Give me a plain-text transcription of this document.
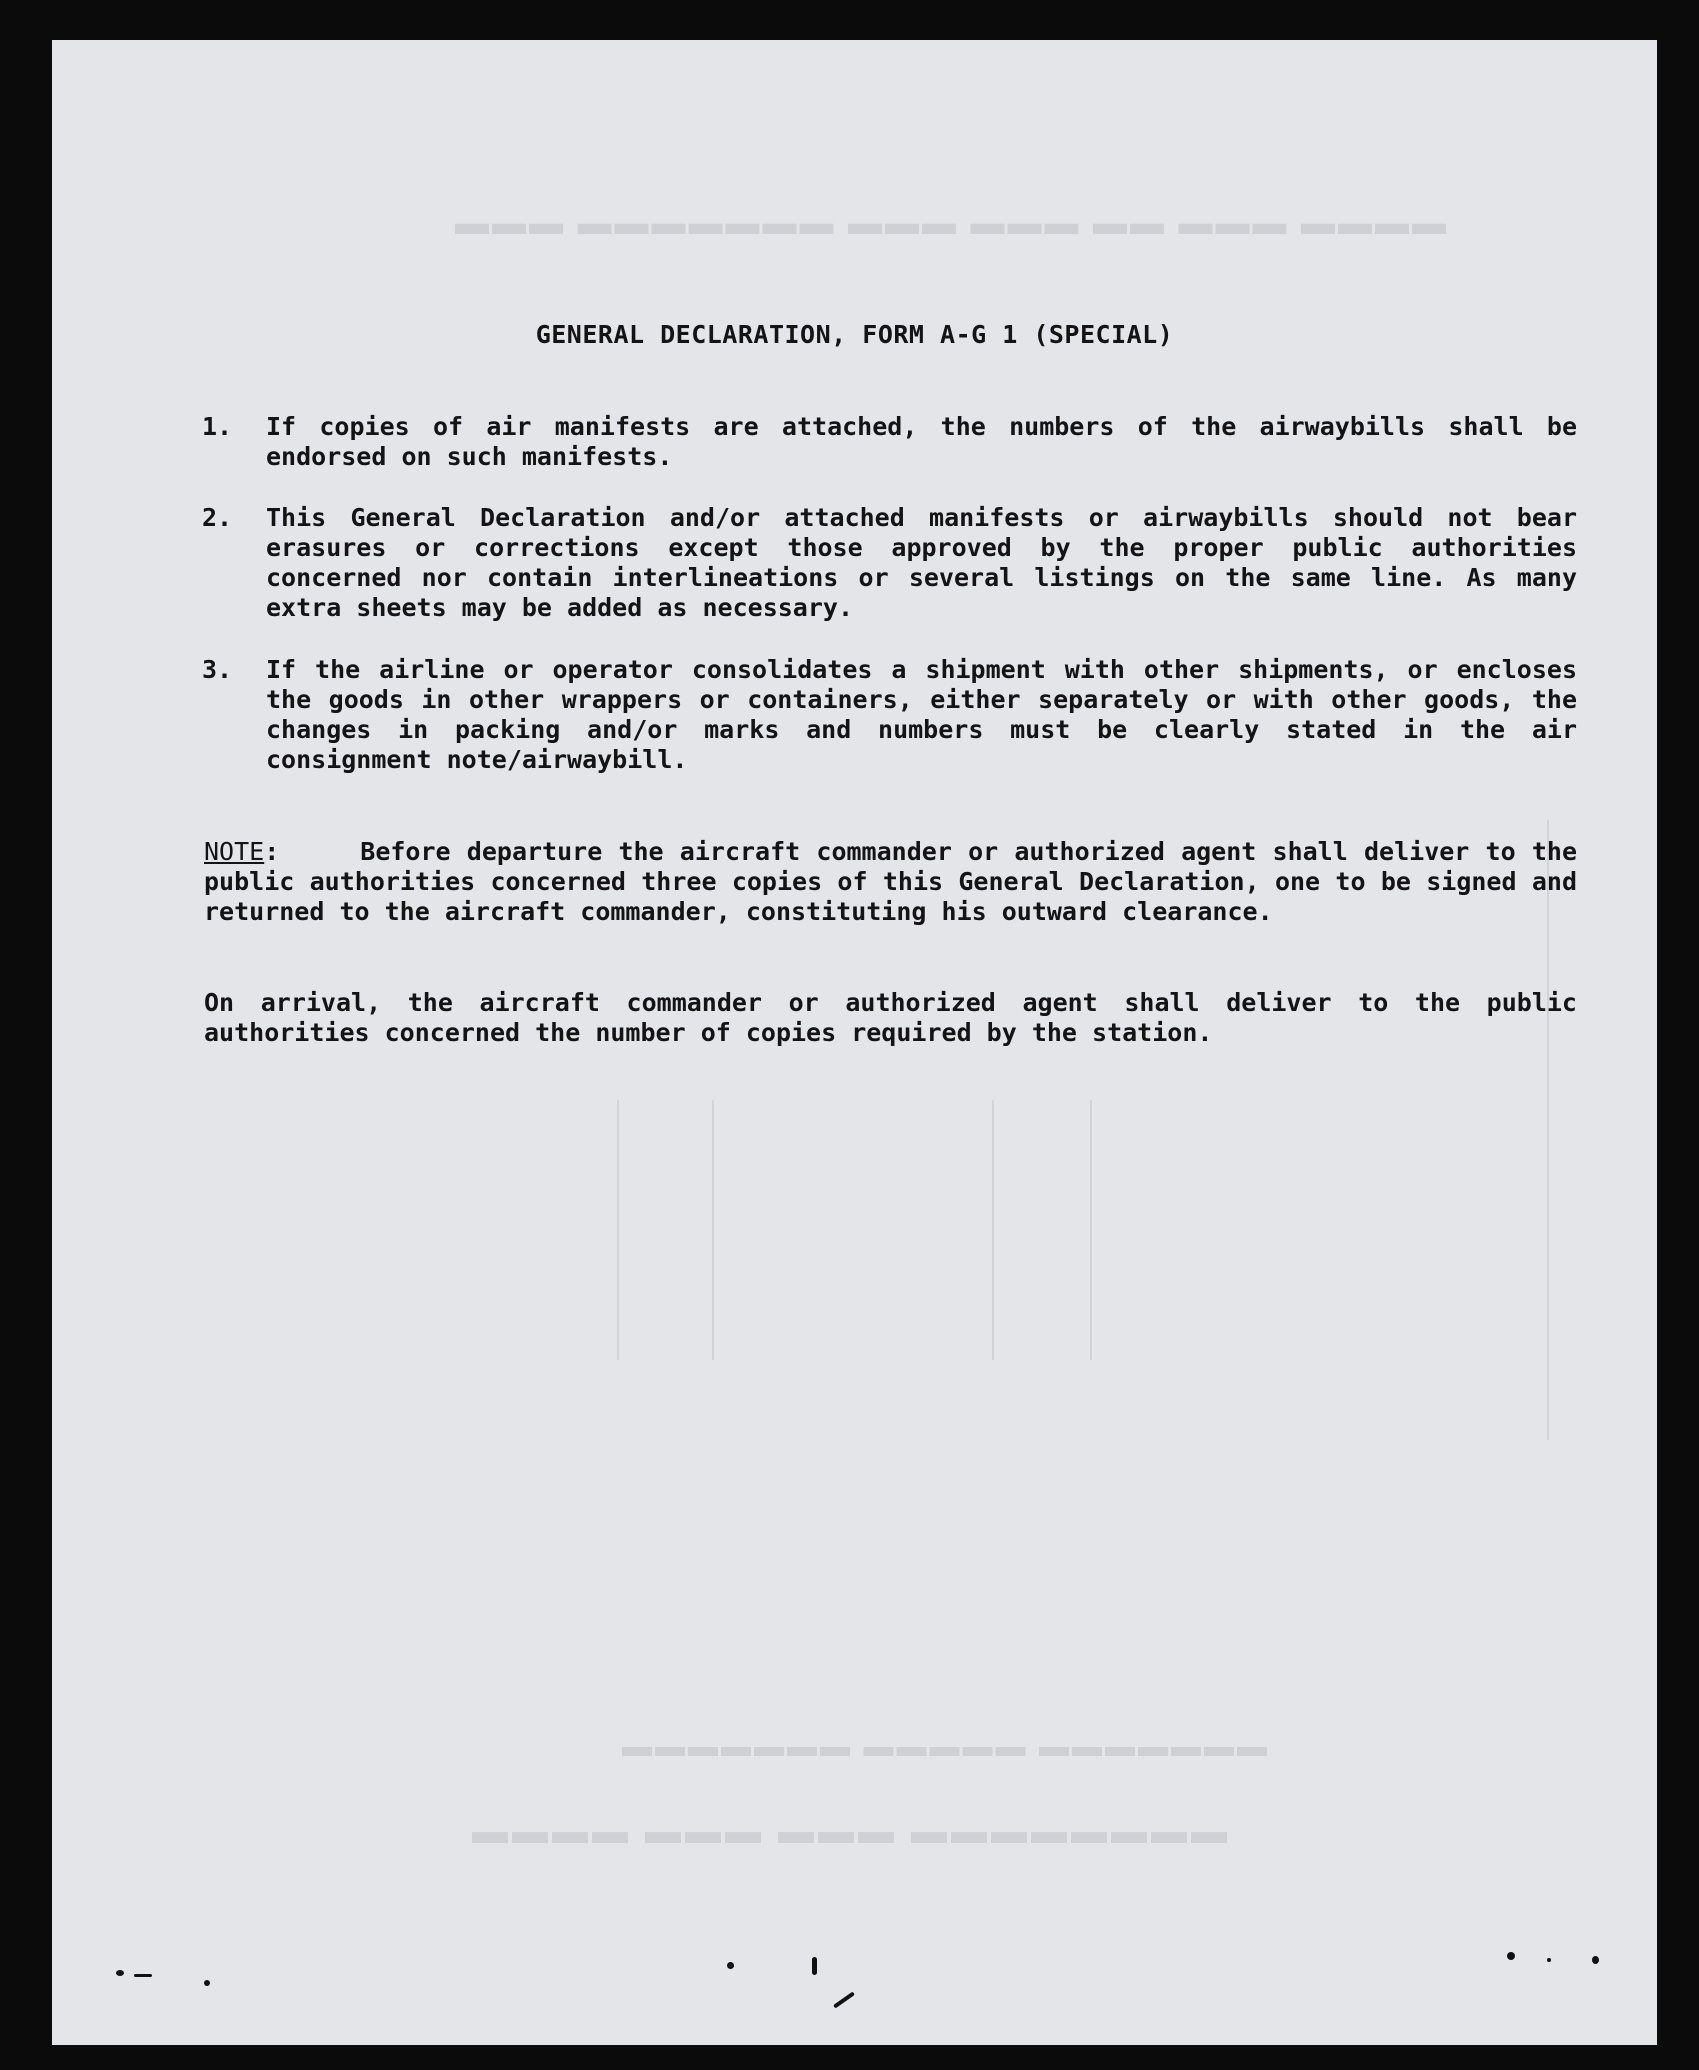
▬▬▬▬ ▬▬▬ ▬▬ ▬▬▬ ▬▬▬ ▬▬▬▬▬▬▬ ▬▬▬
▬▬▬▬▬▬▬ ▬▬▬▬▬ ▬▬▬▬▬▬▬
▬▬▬▬ ▬▬▬ ▬▬▬ ▬▬▬▬▬▬▬▬
GENERAL DECLARATION, FORM A-G 1 (SPECIAL)
1.	If copies of air manifests are attached, the numbers of the airwaybills shall be endorsed on such manifests.
2.	This General Declaration and/or attached manifests or airwaybills should not bear erasures or corrections except those approved by the proper public authorities concerned nor contain interlineations or several listings on the same line. As many extra sheets may be added as necessary.
3.	If the airline or operator consolidates a shipment with other shipments, or encloses the goods in other wrappers or containers, either separately or with other goods, the changes in packing and/or marks and numbers must be clearly stated in the air consignment note/airwaybill.
NOTE:	Before departure the aircraft commander or authorized agent shall deliver to the public authorities concerned three copies of this General Declaration, one to be signed and returned to the aircraft commander, constituting his outward clearance.
On arrival, the aircraft commander or authorized agent shall deliver to the public authorities concerned the number of copies required by the station.
